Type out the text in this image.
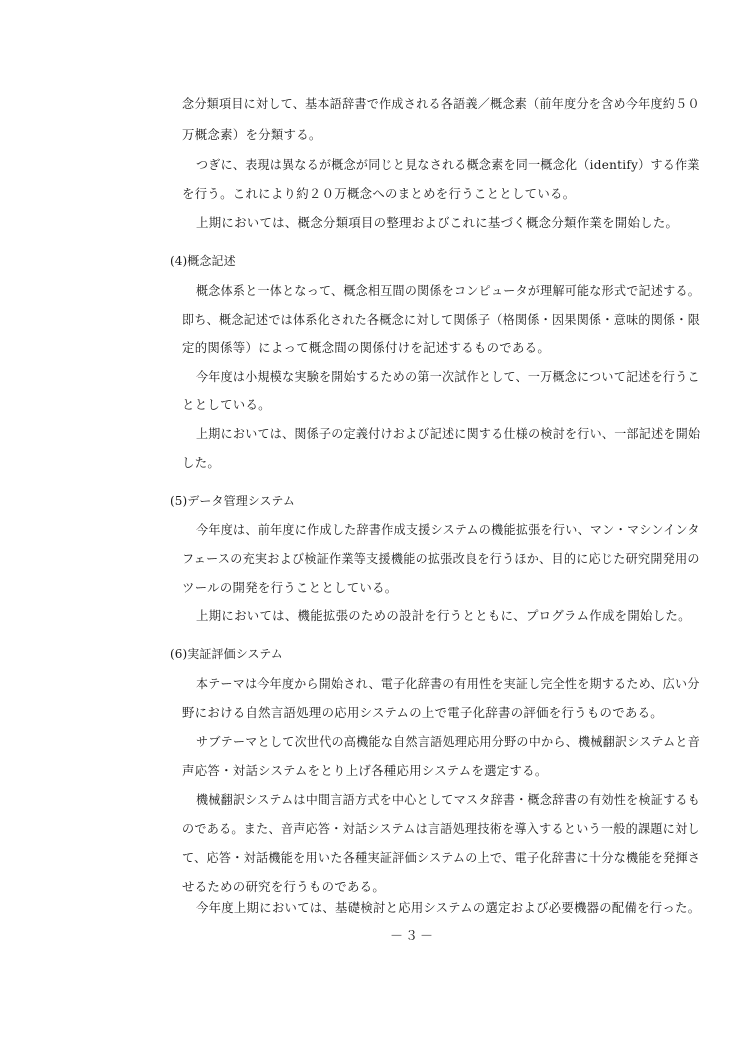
念分類項目に対して、基本語辞書で作成される各語義／概念素（前年度分を含め今年度約５０
万概念素）を分類する。
つぎに、表現は異なるが概念が同じと見なされる概念素を同一概念化（identify）する作業
を行う。これにより約２０万概念へのまとめを行うこととしている。
上期においては、概念分類項目の整理およびこれに基づく概念分類作業を開始した。
(4)概念記述
概念体系と一体となって、概念相互間の関係をコンピュータが理解可能な形式で記述する。
即ち、概念記述では体系化された各概念に対して関係子（格関係・因果関係・意味的関係・限
定的関係等）によって概念間の関係付けを記述するものである。
今年度は小規模な実験を開始するための第一次試作として、一万概念について記述を行うこ
ととしている。
上期においては、関係子の定義付けおよび記述に関する仕様の検討を行い、一部記述を開始
した。
(5)データ管理システム
今年度は、前年度に作成した辞書作成支援システムの機能拡張を行い、マン・マシンインタ
フェースの充実および検証作業等支援機能の拡張改良を行うほか、目的に応じた研究開発用の
ツールの開発を行うこととしている。
上期においては、機能拡張のための設計を行うとともに、プログラム作成を開始した。
(6)実証評価システム
本テーマは今年度から開始され、電子化辞書の有用性を実証し完全性を期するため、広い分
野における自然言語処理の応用システムの上で電子化辞書の評価を行うものである。
サブテーマとして次世代の高機能な自然言語処理応用分野の中から、機械翻訳システムと音
声応答・対話システムをとり上げ各種応用システムを選定する。
機械翻訳システムは中間言語方式を中心としてマスタ辞書・概念辞書の有効性を検証するも
のである。また、音声応答・対話システムは言語処理技術を導入するという一般的課題に対し
て、応答・対話機能を用いた各種実証評価システムの上で、電子化辞書に十分な機能を発揮さ
せるための研究を行うものである。
今年度上期においては、基礎検討と応用システムの選定および必要機器の配備を行った。
－３－
